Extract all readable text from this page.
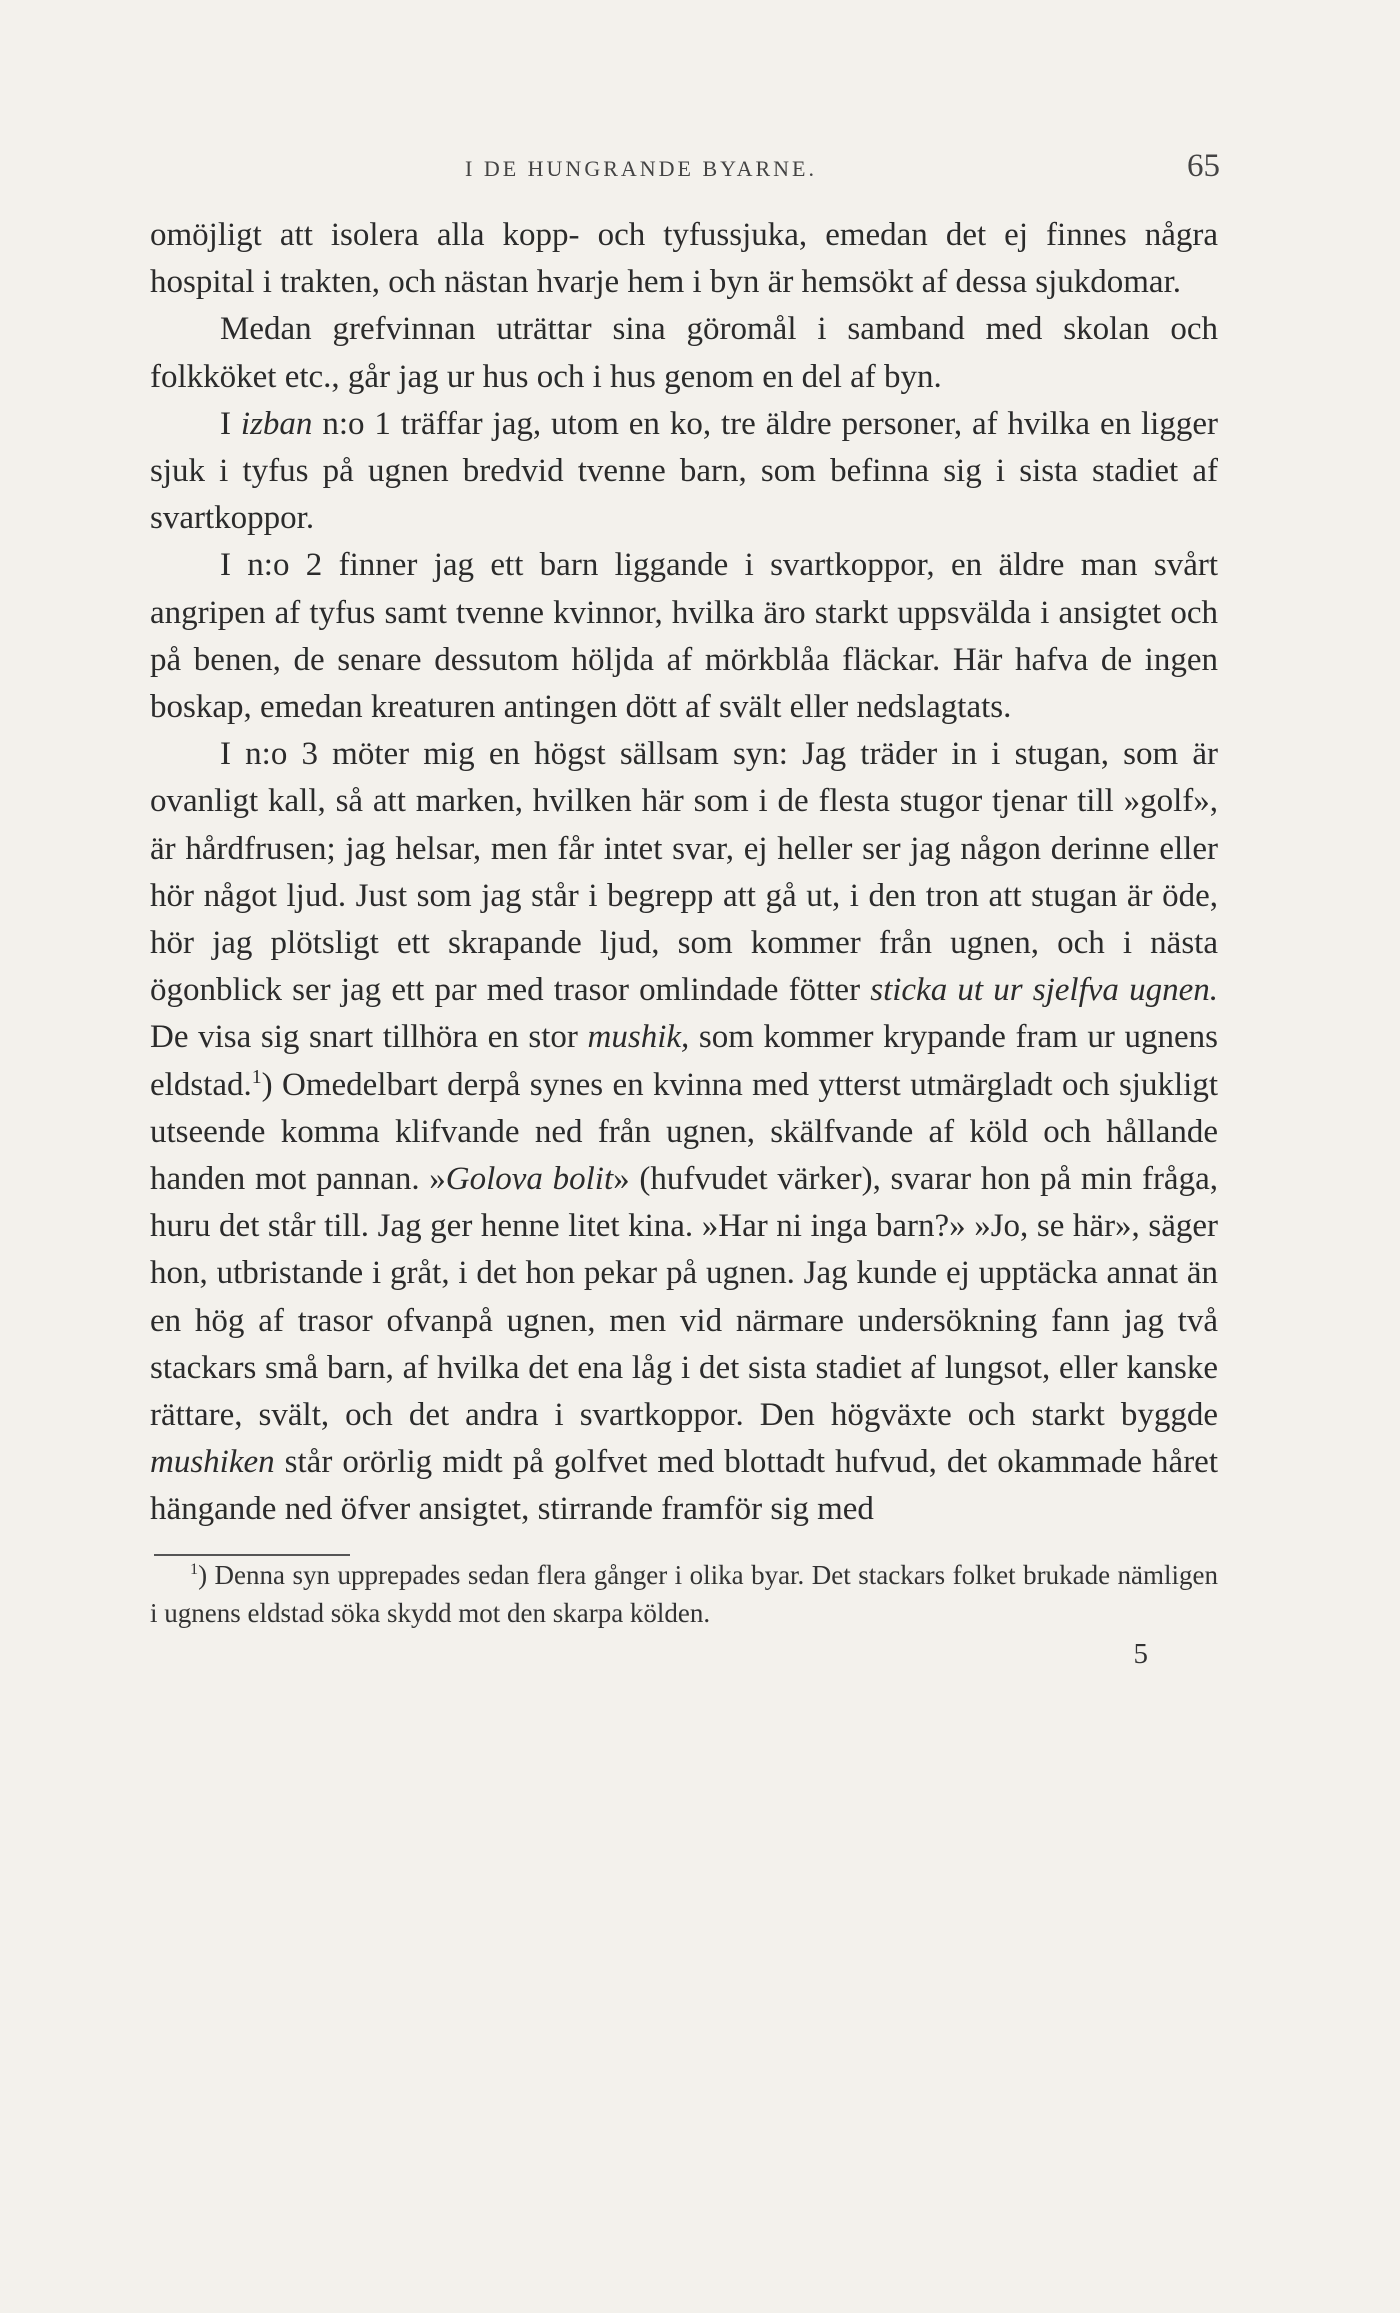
I DE HUNGRANDE BYARNE.	65

omöjligt att isolera alla kopp- och tyfussjuka, emedan det ej finnes några hospital i trakten, och nästan hvarje hem i byn är hemsökt af dessa sjukdomar.

Medan grefvinnan uträttar sina göromål i samband med skolan och folkköket etc., går jag ur hus och i hus genom en del af byn.

I izban n:o 1 träffar jag, utom en ko, tre äldre personer, af hvilka en ligger sjuk i tyfus på ugnen bredvid tvenne barn, som befinna sig i sista stadiet af svartkoppor.

I n:o 2 finner jag ett barn liggande i svartkoppor, en äldre man svårt angripen af tyfus samt tvenne kvinnor, hvilka äro starkt uppsvälda i ansigtet och på benen, de senare dessutom höljda af mörkblåa fläckar. Här hafva de ingen boskap, emedan kreaturen antingen dött af svält eller nedslagtats.

I n:o 3 möter mig en högst sällsam syn: Jag träder in i stugan, som är ovanligt kall, så att marken, hvilken här som i de flesta stugor tjenar till »golf», är hårdfrusen; jag helsar, men får intet svar, ej heller ser jag någon derinne eller hör något ljud. Just som jag står i begrepp att gå ut, i den tron att stugan är öde, hör jag plötsligt ett skrapande ljud, som kommer från ugnen, och i nästa ögonblick ser jag ett par med trasor omlindade fötter sticka ut ur sjelfva ugnen. De visa sig snart tillhöra en stor mushik, som kommer krypande fram ur ugnens eldstad.$^1$) Omedelbart derpå synes en kvinna med ytterst utmärgladt och sjukligt utseende komma klifvande ned från ugnen, skälfvande af köld och hållande handen mot pannan. »Golova bolit» (hufvudet värker), svarar hon på min fråga, huru det står till. Jag ger henne litet kina. »Har ni inga barn?» »Jo, se här», säger hon, utbristande i gråt, i det hon pekar på ugnen. Jag kunde ej upptäcka annat än en hög af trasor ofvanpå ugnen, men vid närmare undersökning fann jag två stackars små barn, af hvilka det ena låg i det sista stadiet af lungsot, eller kanske rättare, svält, och det andra i svartkoppor. Den högväxte och starkt byggde mushiken står orörlig midt på golfvet med blottadt hufvud, det okammade håret hängande ned öfver ansigtet, stirrande framför sig med

$^1$) Denna syn upprepades sedan flera gånger i olika byar. Det stackars folket brukade nämligen i ugnens eldstad söka skydd mot den skarpa kölden.

5
